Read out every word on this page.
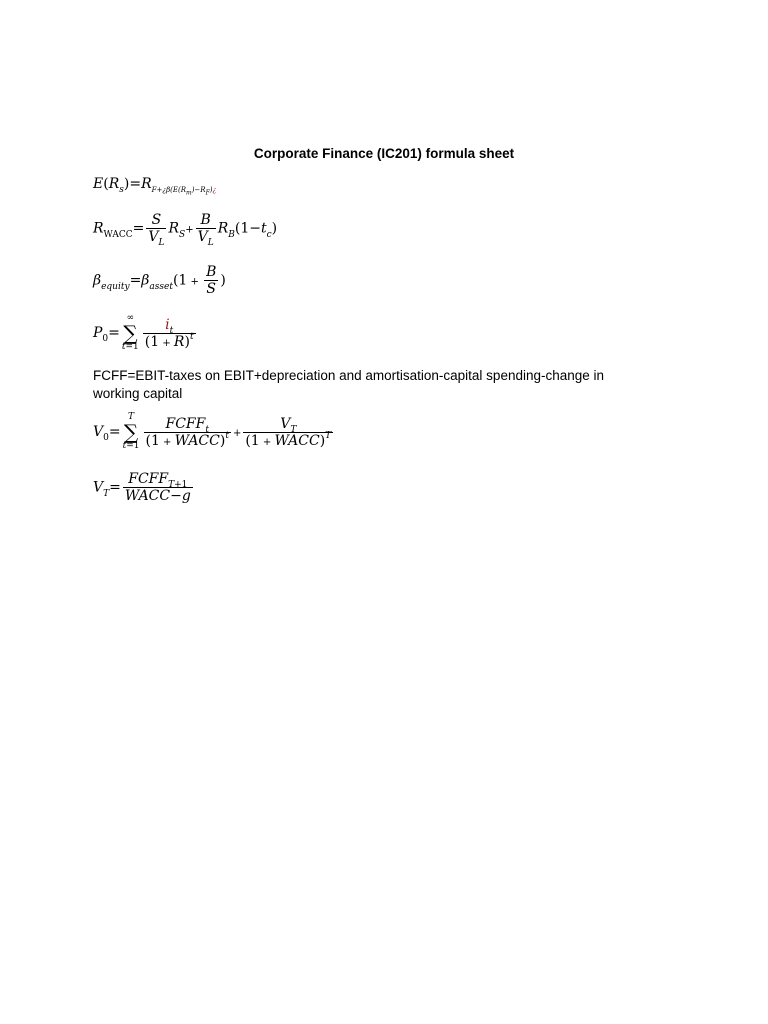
Corporate Finance (IC201) formula sheet
$E(R_s)=R_{F+¿\beta(E(R_m)-R_F)¿}$
$R_{WACC}= \frac{S}{V_L} R_S+ \frac{B}{V_L} R_B(1-t_c)$
$\beta_{equity}=\beta_{asset}(1 + \frac{B}{S}$ )
$P_0=$
∞
∑
$t=1 \frac{i_t}{(1 + R)^t}$
FCFF=EBIT-taxes on EBIT+depreciation and amortisation-capital spending-change in working capital
$V_0=$
T
∑
$t=1 \frac{FCFF_t}{(1 + WACC)^t} + \frac{V_T}{(1 + WACC)^T}$
$V_T= \frac{FCFF_{T+1}}{\text{WACC−g}}$
